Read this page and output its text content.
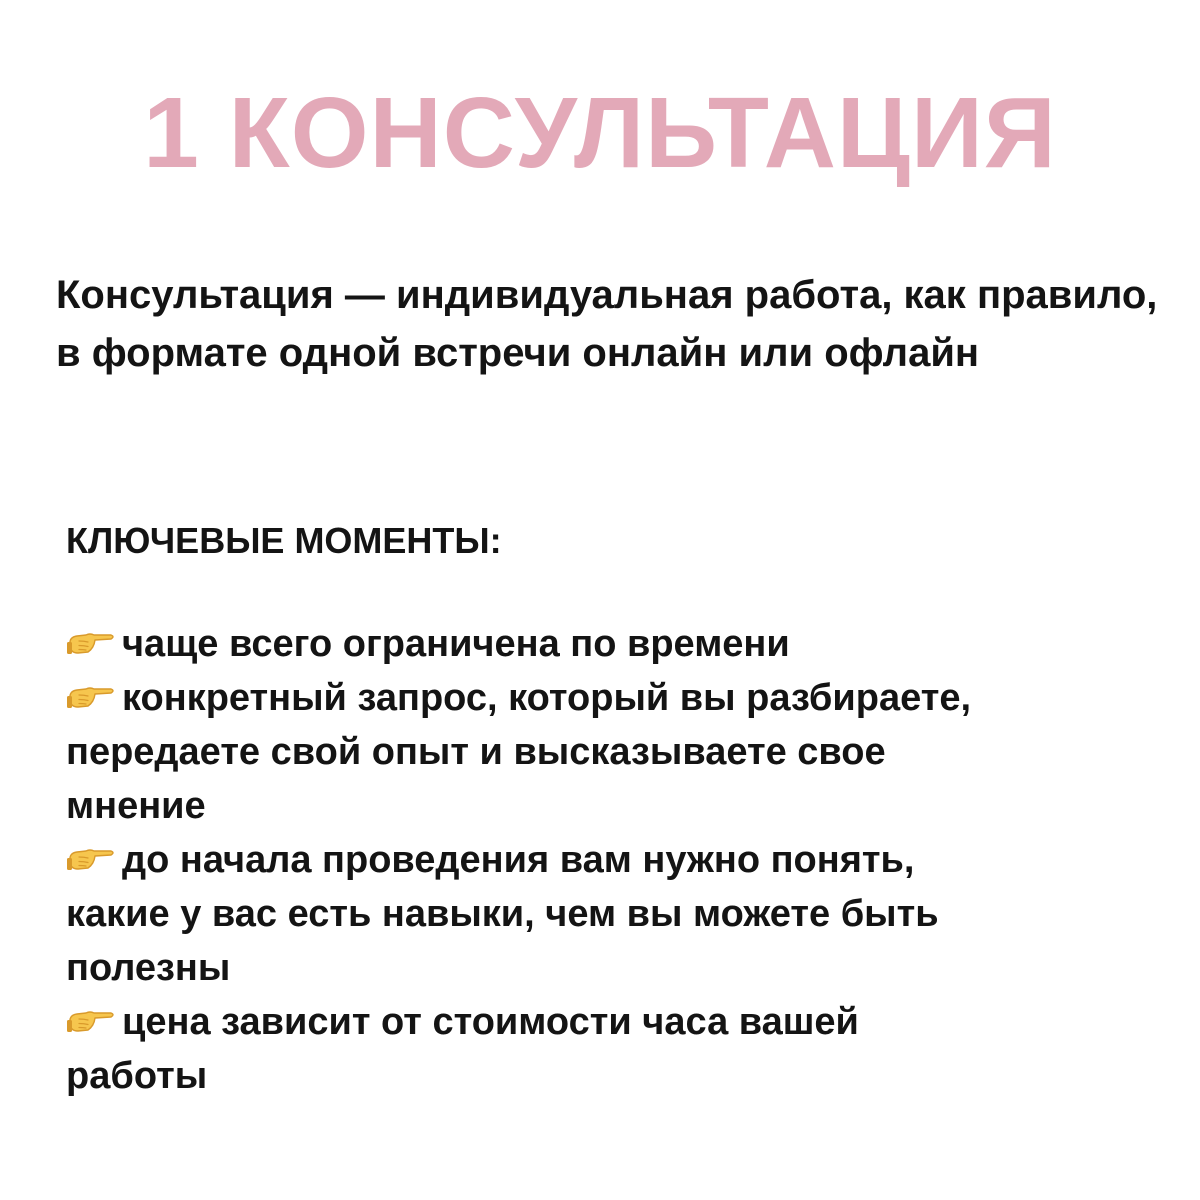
1 КОНСУЛЬТАЦИЯ
Консультация — индивидуальная работа, как правило, в формате одной встречи онлайн или офлайн
КЛЮЧЕВЫЕ МОМЕНТЫ:
чаще всего ограничена по времени
конкретный запрос, который вы разбираете, передаете свой опыт и высказываете свое мнение
до начала проведения вам нужно понять, какие у вас есть навыки, чем вы можете быть полезны
цена зависит от стоимости часа вашей работы
